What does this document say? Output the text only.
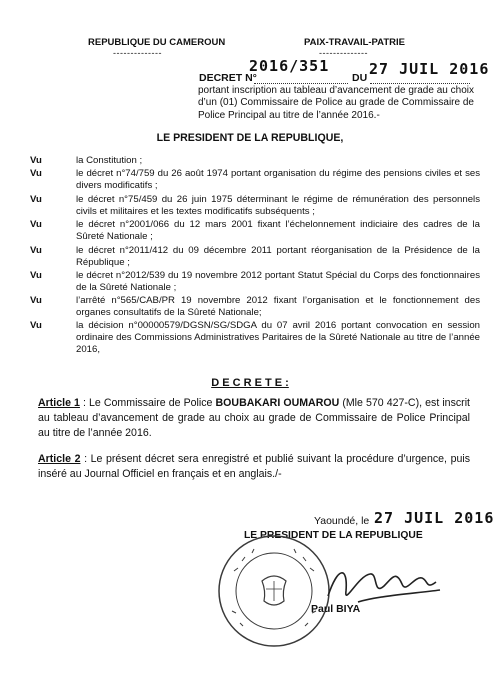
REPUBLIQUE DU CAMEROUN
--------------
PAIX-TRAVAIL-PATRIE
--------------
2016/351	27 JUIL 2016
DECRET N°	DU
portant inscription au tableau d’avancement de grade au choix d’un (01) Commissaire de Police au grade de Commissaire de Police Principal au titre de l’année 2016.-
LE PRESIDENT DE LA REPUBLIQUE,
Vu	la Constitution ;
Vu	le décret n°74/759 du 26 août 1974 portant organisation du régime des pensions civiles et ses divers modificatifs ;
Vu	le décret n°75/459 du 26 juin 1975 déterminant le régime de rémunération des personnels civils et militaires et les textes modificatifs subséquents ;
Vu	le décret n°2001/066 du 12 mars 2001 fixant l’échelonnement indiciaire des cadres de la Sûreté Nationale ;
Vu	le décret n°2011/412 du 09 décembre 2011 portant réorganisation de la Présidence de la République ;
Vu	le décret n°2012/539 du 19 novembre 2012 portant Statut Spécial du Corps des fonctionnaires de la Sûreté Nationale ;
Vu	l’arrêté n°565/CAB/PR 19 novembre 2012 fixant l’organisation et le fonctionnement des organes consultatifs de la Sûreté Nationale;
Vu	la décision n°00000579/DGSN/SG/SDGA du 07 avril 2016 portant convocation en session ordinaire des Commissions Administratives Paritaires de la Sûreté Nationale au titre de l’année 2016,
D E C R E T E :
Article 1 : Le Commissaire de Police BOUBAKARI OUMAROU (Mle 570 427-C), est inscrit au tableau d’avancement de grade au choix au grade de Commissaire de Police Principal au titre de l’année 2016.
Article 2 : Le présent décret sera enregistré et publié suivant la procédure d’urgence, puis inséré au Journal Officiel en français et en anglais./-
Yaoundé, le 27 JUIL 2016
LE PRESIDENT DE LA REPUBLIQUE
Paul BIYA
